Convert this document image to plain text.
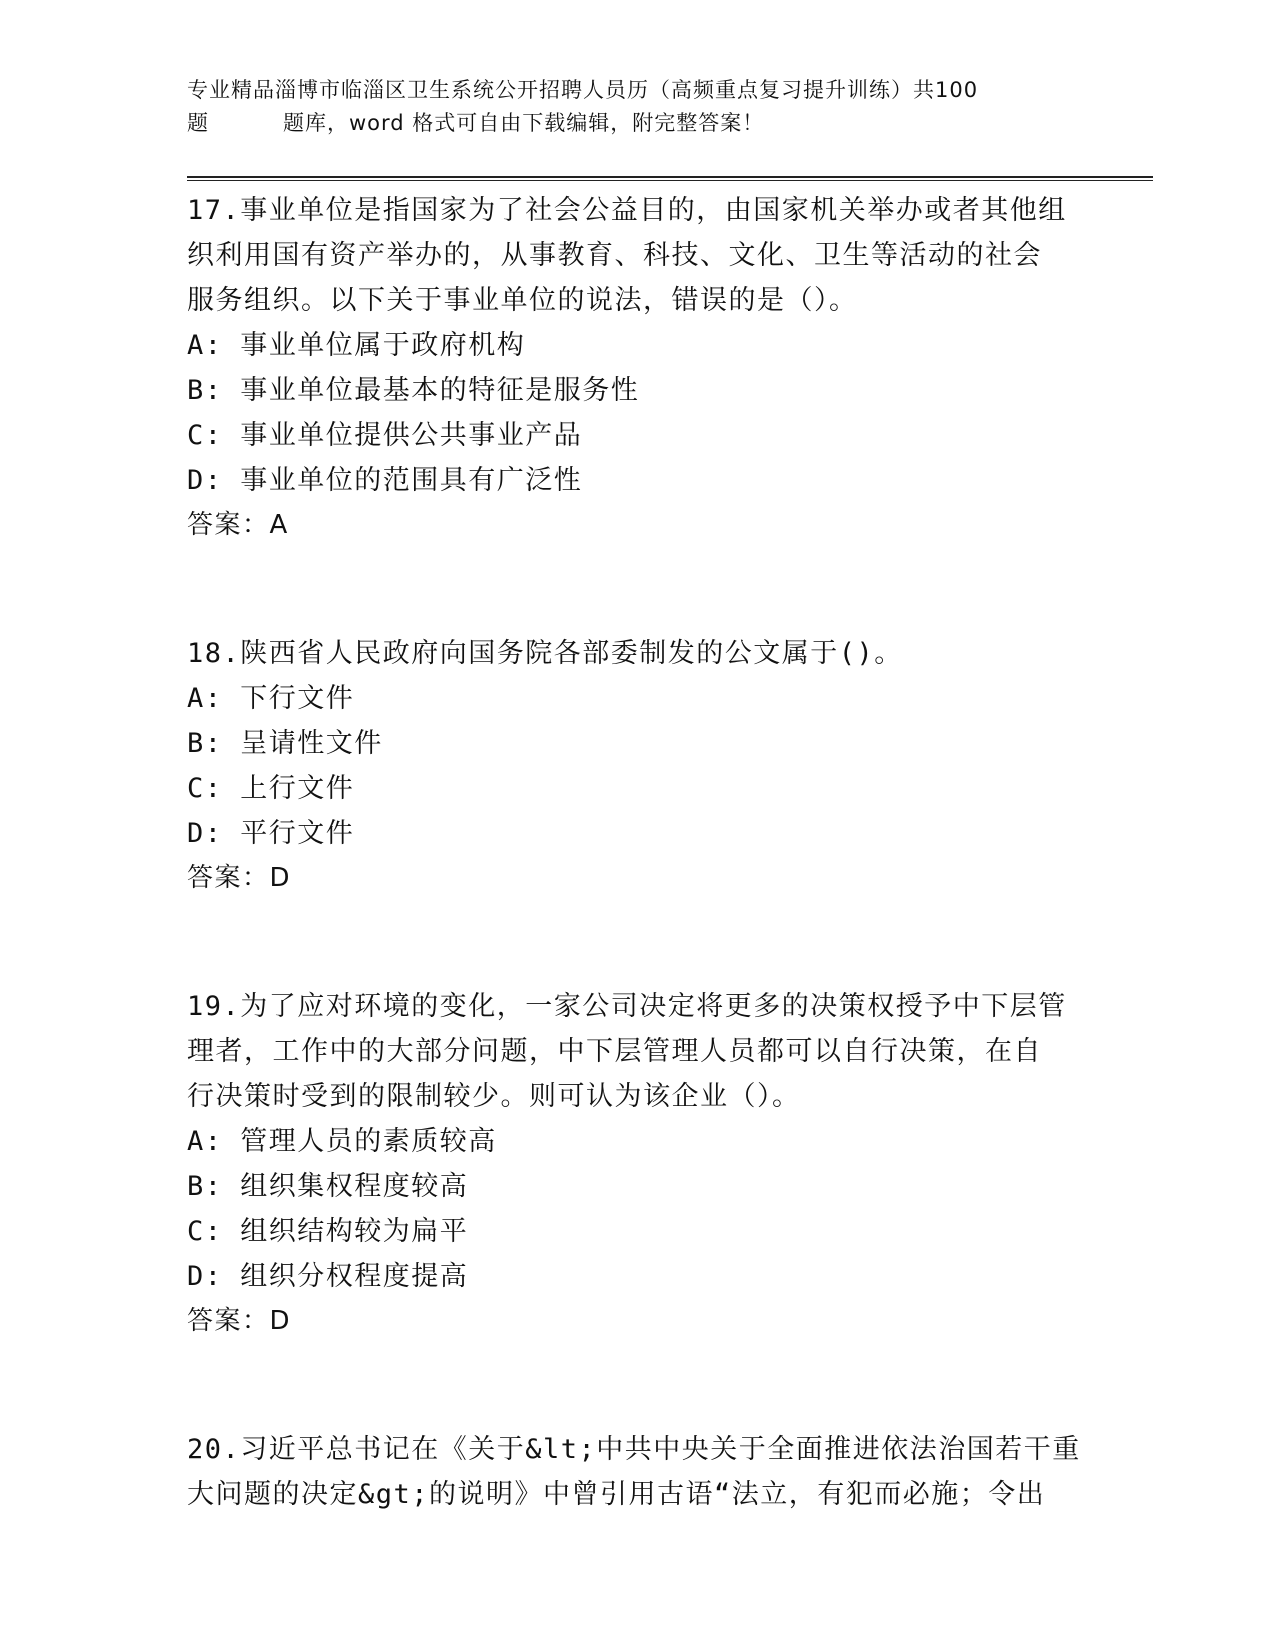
专业精品淄博市临淄区卫生系统公开招聘人员历（高频重点复习提升训练）共100
题	题库，word 格式可自由下载编辑，附完整答案！
17.事业单位是指国家为了社会公益目的，由国家机关举办或者其他组
织利用国有资产举办的，从事教育、科技、文化、卫生等活动的社会
服务组织。以下关于事业单位的说法，错误的是（）。
A: 事业单位属于政府机构
B: 事业单位最基本的特征是服务性
C: 事业单位提供公共事业产品
D: 事业单位的范围具有广泛性
答案：A
18.陕西省人民政府向国务院各部委制发的公文属于()。
A: 下行文件
B: 呈请性文件
C: 上行文件
D: 平行文件
答案：D
19.为了应对环境的变化，一家公司决定将更多的决策权授予中下层管
理者，工作中的大部分问题，中下层管理人员都可以自行决策，在自
行决策时受到的限制较少。则可认为该企业（）。
A: 管理人员的素质较高
B: 组织集权程度较高
C: 组织结构较为扁平
D: 组织分权程度提高
答案：D
20.习近平总书记在《关于&lt;中共中央关于全面推进依法治国若干重
大问题的决定&gt;的说明》中曾引用古语“法立，有犯而必施；令出
